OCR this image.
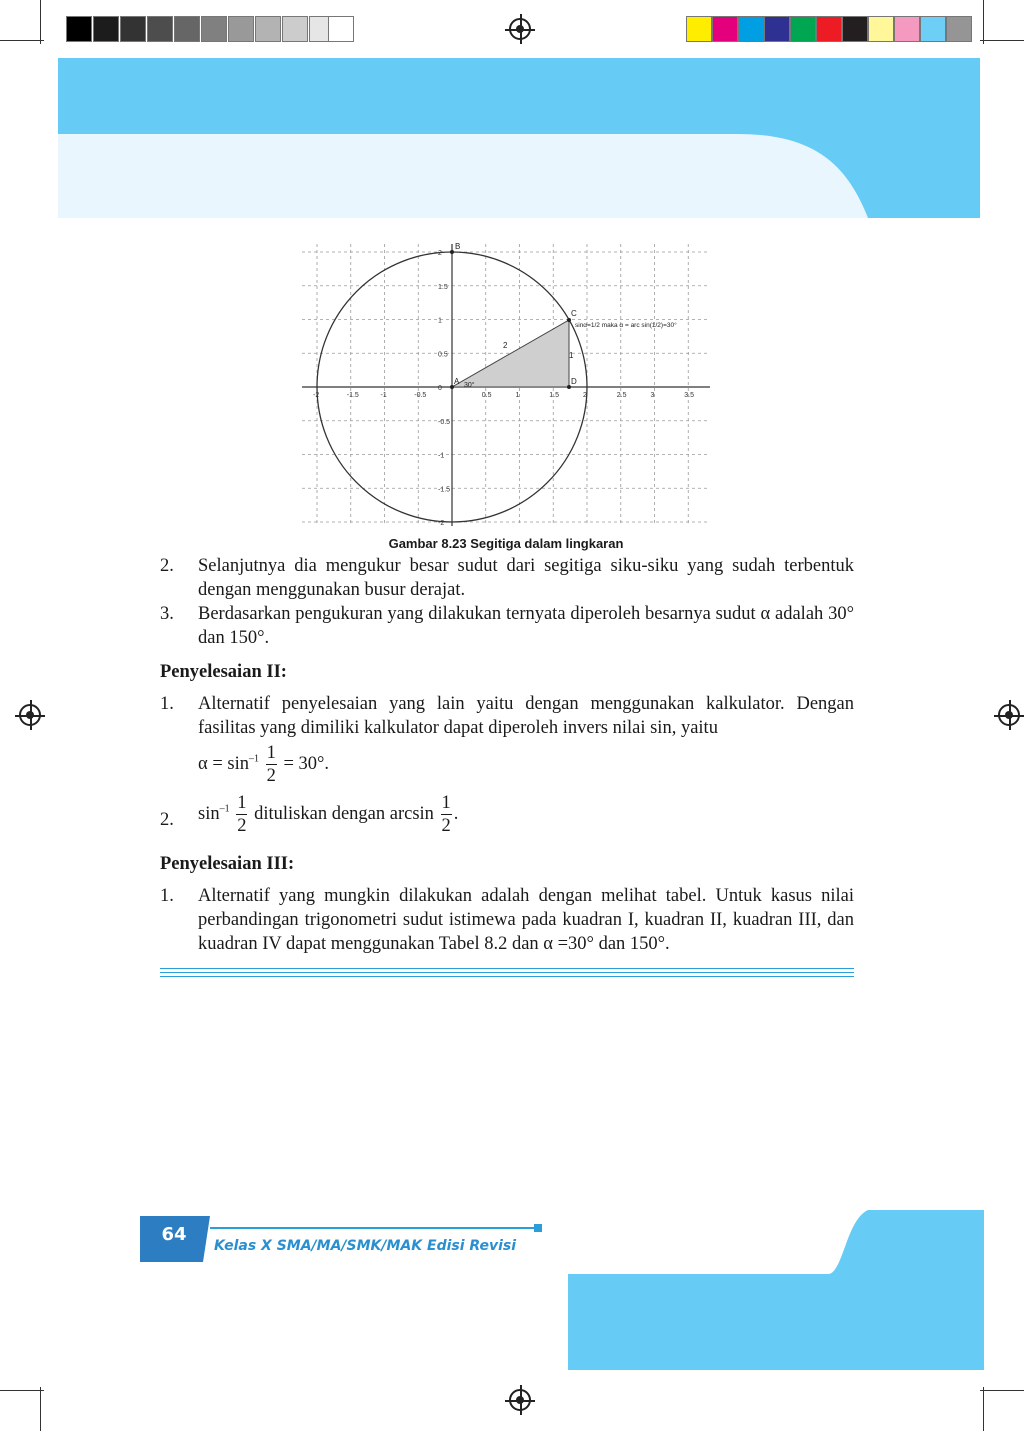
-2	-1.5	-1	-0.5	0.5	1	1.5	2	2.5	3	3.5
2
1.5
1
0.5
0
-0.5
-1
-1.5
-2
B
C
D
A
2
1
30°
sinα=1/2 maka α = arc sin(1/2)=30°
Gambar 8.23 Segitiga dalam lingkaran
2.	Selanjutnya dia mengukur besar sudut dari segitiga siku-siku yang sudah terbentuk dengan menggunakan busur derajat.
3.	Berdasarkan pengukuran yang dilakukan ternyata diperoleh besarnya sudut α adalah 30° dan 150°.
Penyelesaian II:
1.	Alternatif penyelesaian yang lain yaitu dengan menggunakan kalkulator. Dengan fasilitas yang dimiliki kalkulator dapat diperoleh invers nilai sin, yaitu
$\alpha = \sin^{-1} \frac{1}{2} = 30^\circ$.
2.	$\sin^{-1} \frac{1}{2}$ dituliskan dengan $\arcsin \frac{1}{2}$ .
Penyelesaian III:
1.	Alternatif yang mungkin dilakukan adalah dengan melihat tabel. Untuk kasus nilai perbandingan trigonometri sudut istimewa pada kuadran I, kuadran II, kuadran III, dan kuadran IV dapat menggunakan Tabel 8.2 dan α =30° dan 150°.
64
Kelas X SMA/MA/SMK/MAK Edisi Revisi
